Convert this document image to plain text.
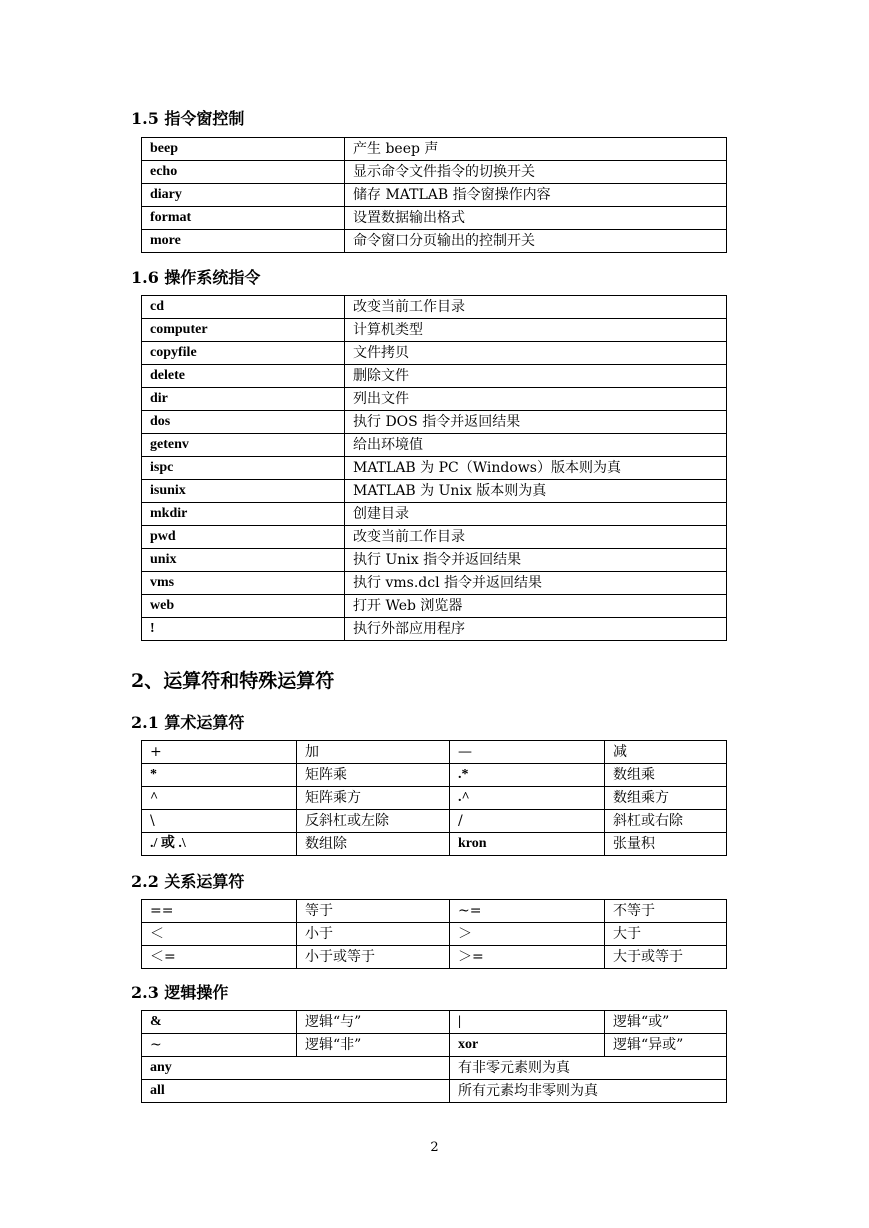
1.5 指令窗控制
beep	产生 beep 声
echo	显示命令文件指令的切换开关
diary	储存 MATLAB 指令窗操作内容
format	设置数据输出格式
more	命令窗口分页输出的控制开关
1.6 操作系统指令
cd	改变当前工作目录
computer	计算机类型
copyfile	文件拷贝
delete	删除文件
dir	列出文件
dos	执行 DOS 指令并返回结果
getenv	给出环境值
ispc	MATLAB 为 PC（Windows）版本则为真
isunix	MATLAB 为 Unix 版本则为真
mkdir	创建目录
pwd	改变当前工作目录
unix	执行 Unix 指令并返回结果
vms	执行 vms.dcl 指令并返回结果
web	打开 Web 浏览器
!	执行外部应用程序
2、运算符和特殊运算符
2.1 算术运算符
+	加	—	减
*	矩阵乘	.*	数组乘
^	矩阵乘方	.^	数组乘方
\	反斜杠或左除	/	斜杠或右除
./ 或 .\	数组除	kron	张量积
2.2 关系运算符
==	等于	~=	不等于
＜	小于	＞	大于
＜=	小于或等于	＞=	大于或等于
2.3 逻辑操作
&	逻辑“与”	|	逻辑“或”
~	逻辑“非”	xor	逻辑“异或”
any		有非零元素则为真	
all		所有元素均非零则为真	
2
